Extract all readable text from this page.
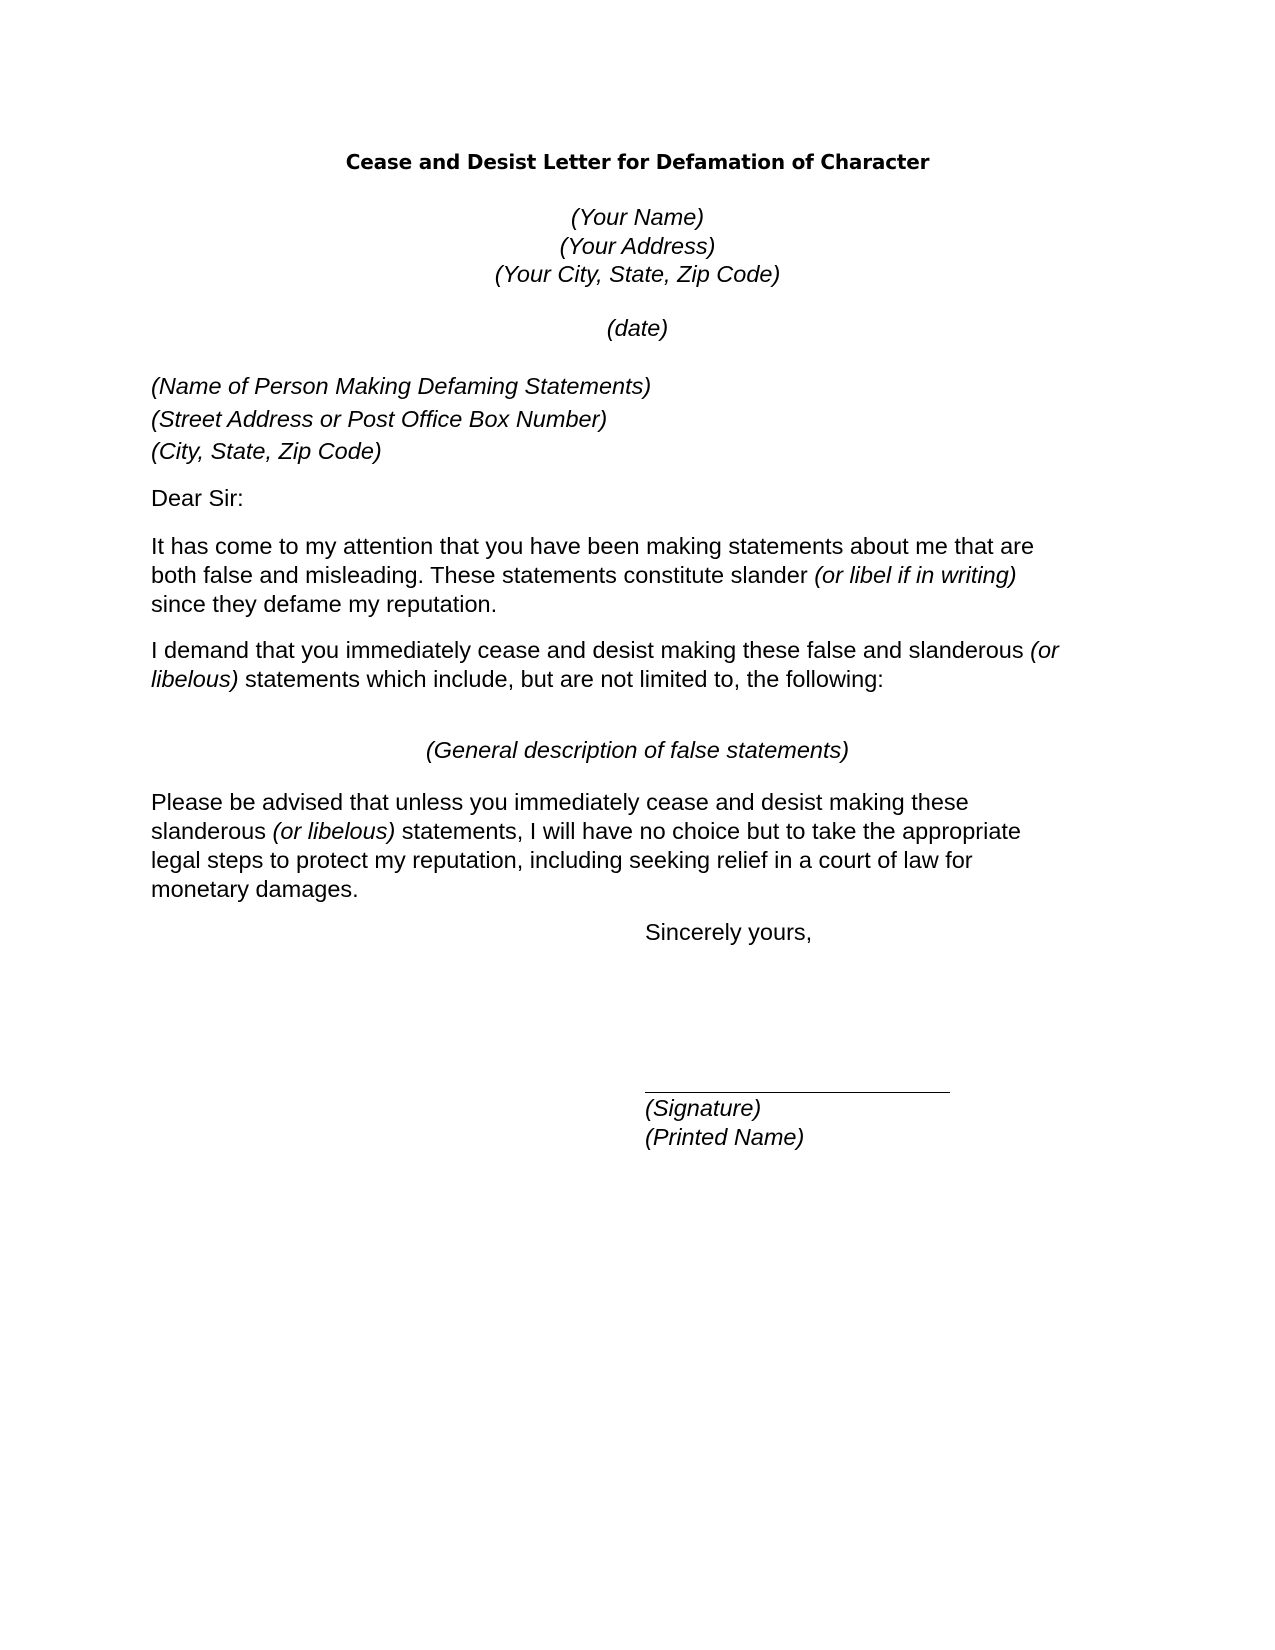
Cease and Desist Letter for Defamation of Character
(Your Name)
(Your Address)
(Your City, State, Zip Code)
(date)
(Name of Person Making Defaming Statements)
(Street Address or Post Office Box Number)
(City, State, Zip Code)
Dear Sir:
It has come to my attention that you have been making statements about me that are
both false and misleading. These statements constitute slander (or libel if in writing)
since they defame my reputation.
I demand that you immediately cease and desist making these false and slanderous (or
libelous) statements which include, but are not limited to, the following:
(General description of false statements)
Please be advised that unless you immediately cease and desist making these
slanderous (or libelous) statements, I will have no choice but to take the appropriate
legal steps to protect my reputation, including seeking relief in a court of law for
monetary damages.
Sincerely yours,
(Signature)
(Printed Name)
